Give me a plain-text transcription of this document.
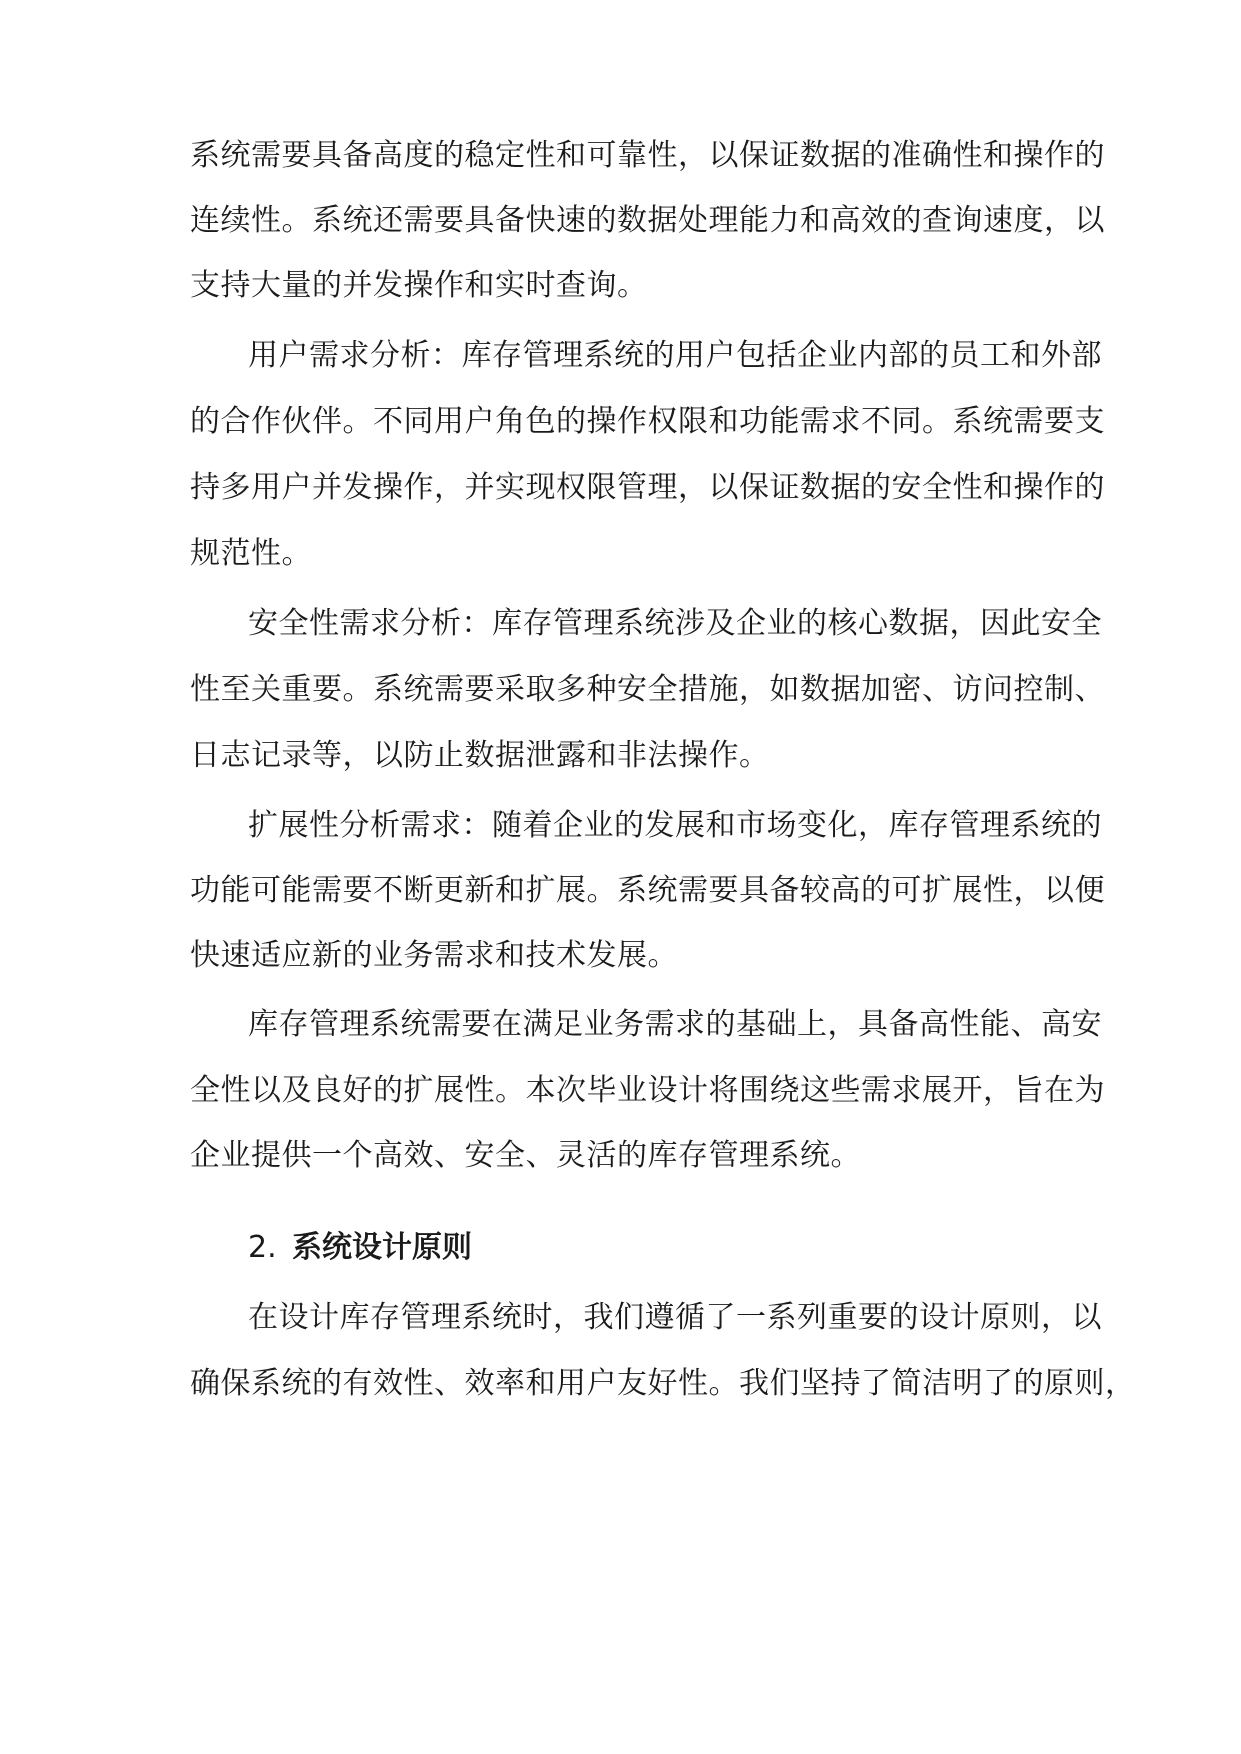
系统需要具备高度的稳定性和可靠性，以保证数据的准确性和操作的
连续性。系统还需要具备快速的数据处理能力和高效的查询速度，以
支持大量的并发操作和实时查询。
用户需求分析：库存管理系统的用户包括企业内部的员工和外部
的合作伙伴。不同用户角色的操作权限和功能需求不同。系统需要支
持多用户并发操作，并实现权限管理，以保证数据的安全性和操作的
规范性。
安全性需求分析：库存管理系统涉及企业的核心数据，因此安全
性至关重要。系统需要采取多种安全措施，如数据加密、访问控制、
日志记录等，以防止数据泄露和非法操作。
扩展性分析需求：随着企业的发展和市场变化，库存管理系统的
功能可能需要不断更新和扩展。系统需要具备较高的可扩展性，以便
快速适应新的业务需求和技术发展。
库存管理系统需要在满足业务需求的基础上，具备高性能、高安
全性以及良好的扩展性。本次毕业设计将围绕这些需求展开，旨在为
企业提供一个高效、安全、灵活的库存管理系统。
2. 系统设计原则
在设计库存管理系统时，我们遵循了一系列重要的设计原则，以
确保系统的有效性、效率和用户友好性。我们坚持了简洁明了的原则，
